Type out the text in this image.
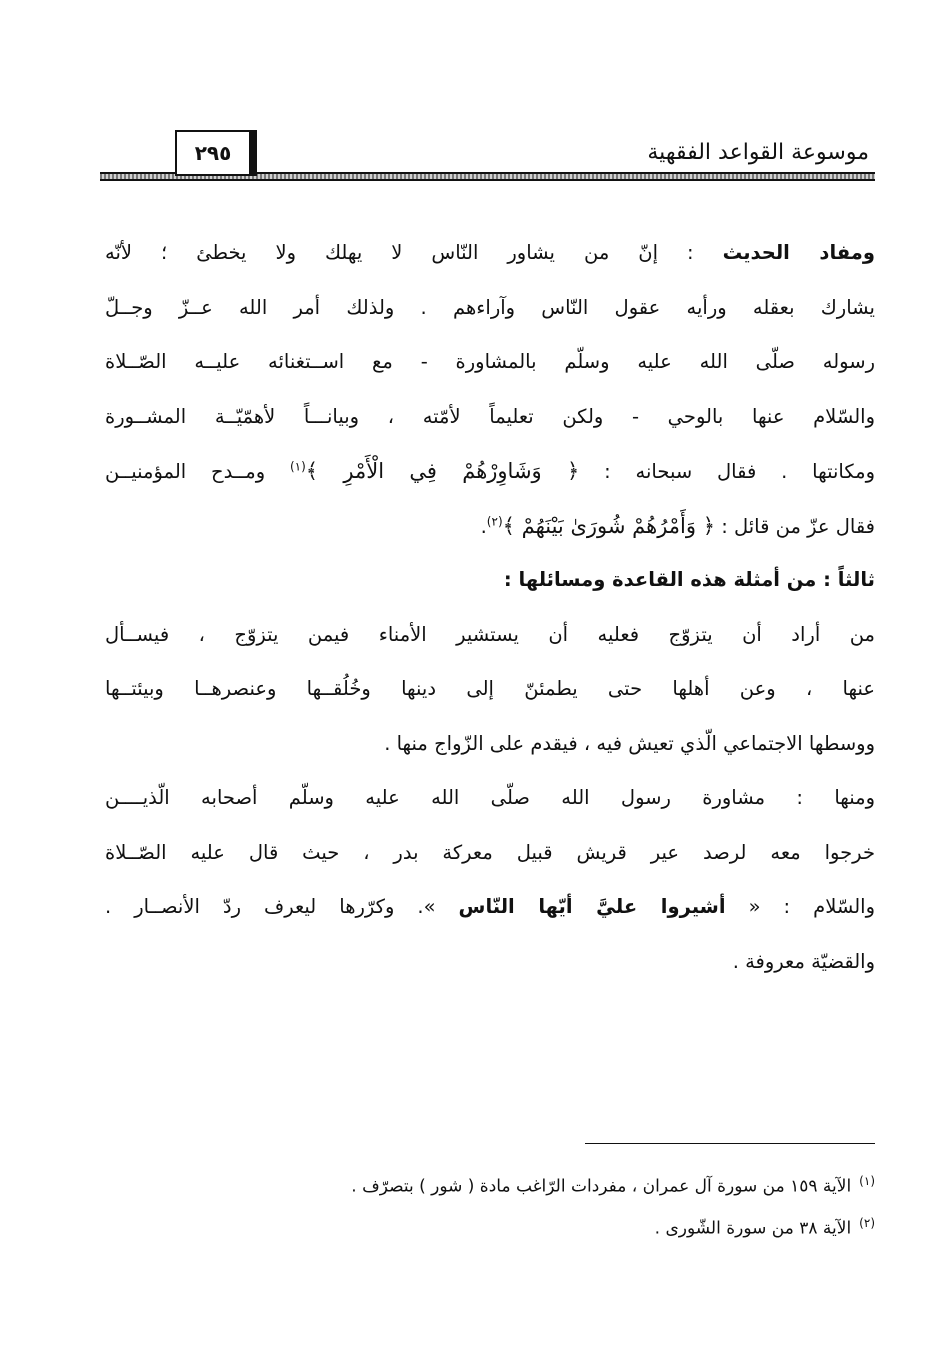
موسوعة القواعد الفقهية
٢٩٥
ومفاد الحديث : إنّ من يشاور النّاس لا يهلك ولا يخطئ ؛ لأنّه
يشارك بعقله ورأيه عقول النّاس وآراءهم . ولذلك أمر الله عــزّ وجــلّ
رسوله صلّى الله عليه وسلّم بالمشاورة - مع اســتغنائه عليــه الصّــلاة
والسّلام عنها بالوحي - ولكن تعليماً لأمّته ، وبيانـــاً لأهمّيّــة المشــورة
ومكانتها . فقال سبحانه : ﴿ وَشَاوِرْهُمْ فِي الْأَمْرِ ﴾$^{(١)}$ ومــدح المؤمنيــن
فقال عزّ من قائل : ﴿ وَأَمْرُهُمْ شُورَىٰ بَيْنَهُمْ ﴾$^{(٢)}$.
ثالثاً : من أمثلة هذه القاعدة ومسائلها :
من أراد أن يتزوّج فعليه أن يستشير الأمناء فيمن يتزوّج ، فيســأل
عنها ، وعن أهلها حتى يطمئنّ إلى دينها وخُلُقــها وعنصرهــا وبيئتــها
ووسطها الاجتماعي الّذي تعيش فيه ، فيقدم على الزّواج منها .
ومنها : مشاورة رسول الله صلّى الله عليه وسلّم أصحابه الّذيــــن
خرجوا معه لرصد عير قريش قبيل معركة بدر ، حيث قال عليه الصّــلاة
والسّلام : « أشيروا عليَّ أيّها النّاس ». وكرّرها ليعرف ردّ الأنصــار .
والقضيّة معروفة .
$^{(١)}$الآية ١٥٩ من سورة آل عمران ، مفردات الرّاغب مادة ( شور ) بتصرّف .
$^{(٢)}$الآية ٣٨ من سورة الشّورى .
